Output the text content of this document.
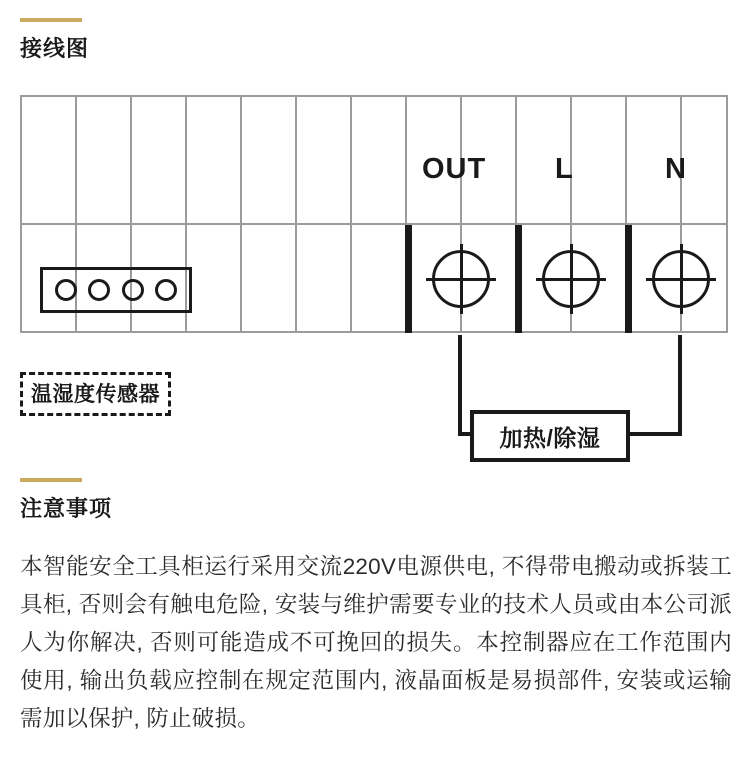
接线图
OUT L	N
温湿度传感器
加热/除湿
注意事项
本智能安全工具柜运行采用交流220V电源供电, 不得带电搬动或拆装工具柜, 否则会有触电危险, 安装与维护需要专业的技术人员或由本公司派人为你解决, 否则可能造成不可挽回的损失。本控制器应在工作范围内使用, 输出负载应控制在规定范围内, 液晶面板是易损部件, 安装或运输需加以保护, 防止破损。
